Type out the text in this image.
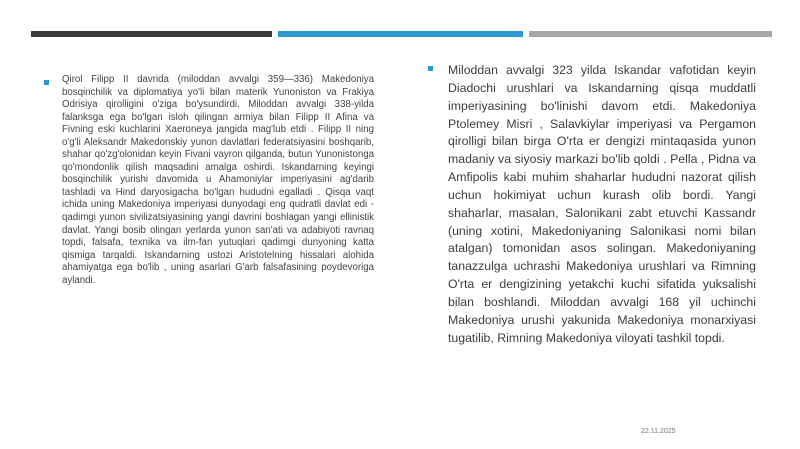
Qirol Filipp II davrida (miloddan avvalgi 359—336) Makedoniya bosqinchilik va diplomatiya yo'li bilan materik Yunoniston va Frakiya Odrisiya qirolligini o'ziga bo'ysundirdi. Miloddan avvalgi 338-yilda falanksga ega bo'lgan isloh qilingan armiya bilan Filipp II Afina va Fivning eski kuchlarini Xaeroneya jangida mag'lub etdi . Filipp II ning o'g'li Aleksandr Makedonskiy yunon davlatlari federatsiyasini boshqarib, shahar qo'zg'olonidan keyin Fivani vayron qilganda, butun Yunonistonga qo'mondonlik qilish maqsadini amalga oshirdi. Iskandarning keyingi bosqinchilik yurishi davomida u Ahamoniylar imperiyasini ag'darib tashladi va Hind daryosigacha bo'lgan hududni egalladi . Qisqa vaqt ichida uning Makedoniya imperiyasi dunyodagi eng qudratli davlat edi - qadimgi yunon sivilizatsiyasining yangi davrini boshlagan yangi ellinistik davlat. Yangi bosib olingan yerlarda yunon san'ati va adabiyoti ravnaq topdi, falsafa, texnika va ilm-fan yutuqlari qadimgi dunyoning katta qismiga tarqaldi. Iskandarning ustozi Aristotelning hissalari alohida ahamiyatga ega bo'lib , uning asarlari G'arb falsafasining poydevoriga aylandi.
Miloddan avvalgi 323 yilda Iskandar vafotidan keyin Diadochi urushlari va Iskandarning qisqa muddatli imperiyasining bo'linishi davom etdi. Makedoniya Ptolemey Misri , Salavkiylar imperiyasi va Pergamon qirolligi bilan birga O'rta er dengizi mintaqasida yunon madaniy va siyosiy markazi bo'lib qoldi . Pella , Pidna va Amfipolis kabi muhim shaharlar hududni nazorat qilish uchun hokimiyat uchun kurash olib bordi. Yangi shaharlar, masalan, Salonikani zabt etuvchi Kassandr (uning xotini, Makedoniyaning Salonikasi nomi bilan atalgan) tomonidan asos solingan. Makedoniyaning tanazzulga uchrashi Makedoniya urushlari va Rimning O'rta er dengizining yetakchi kuchi sifatida yuksalishi bilan boshlandi. Miloddan avvalgi 168 yil uchinchi Makedoniya urushi yakunida Makedoniya monarxiyasi tugatilib, Rimning Makedoniya viloyati tashkil topdi.
22.11.2025
